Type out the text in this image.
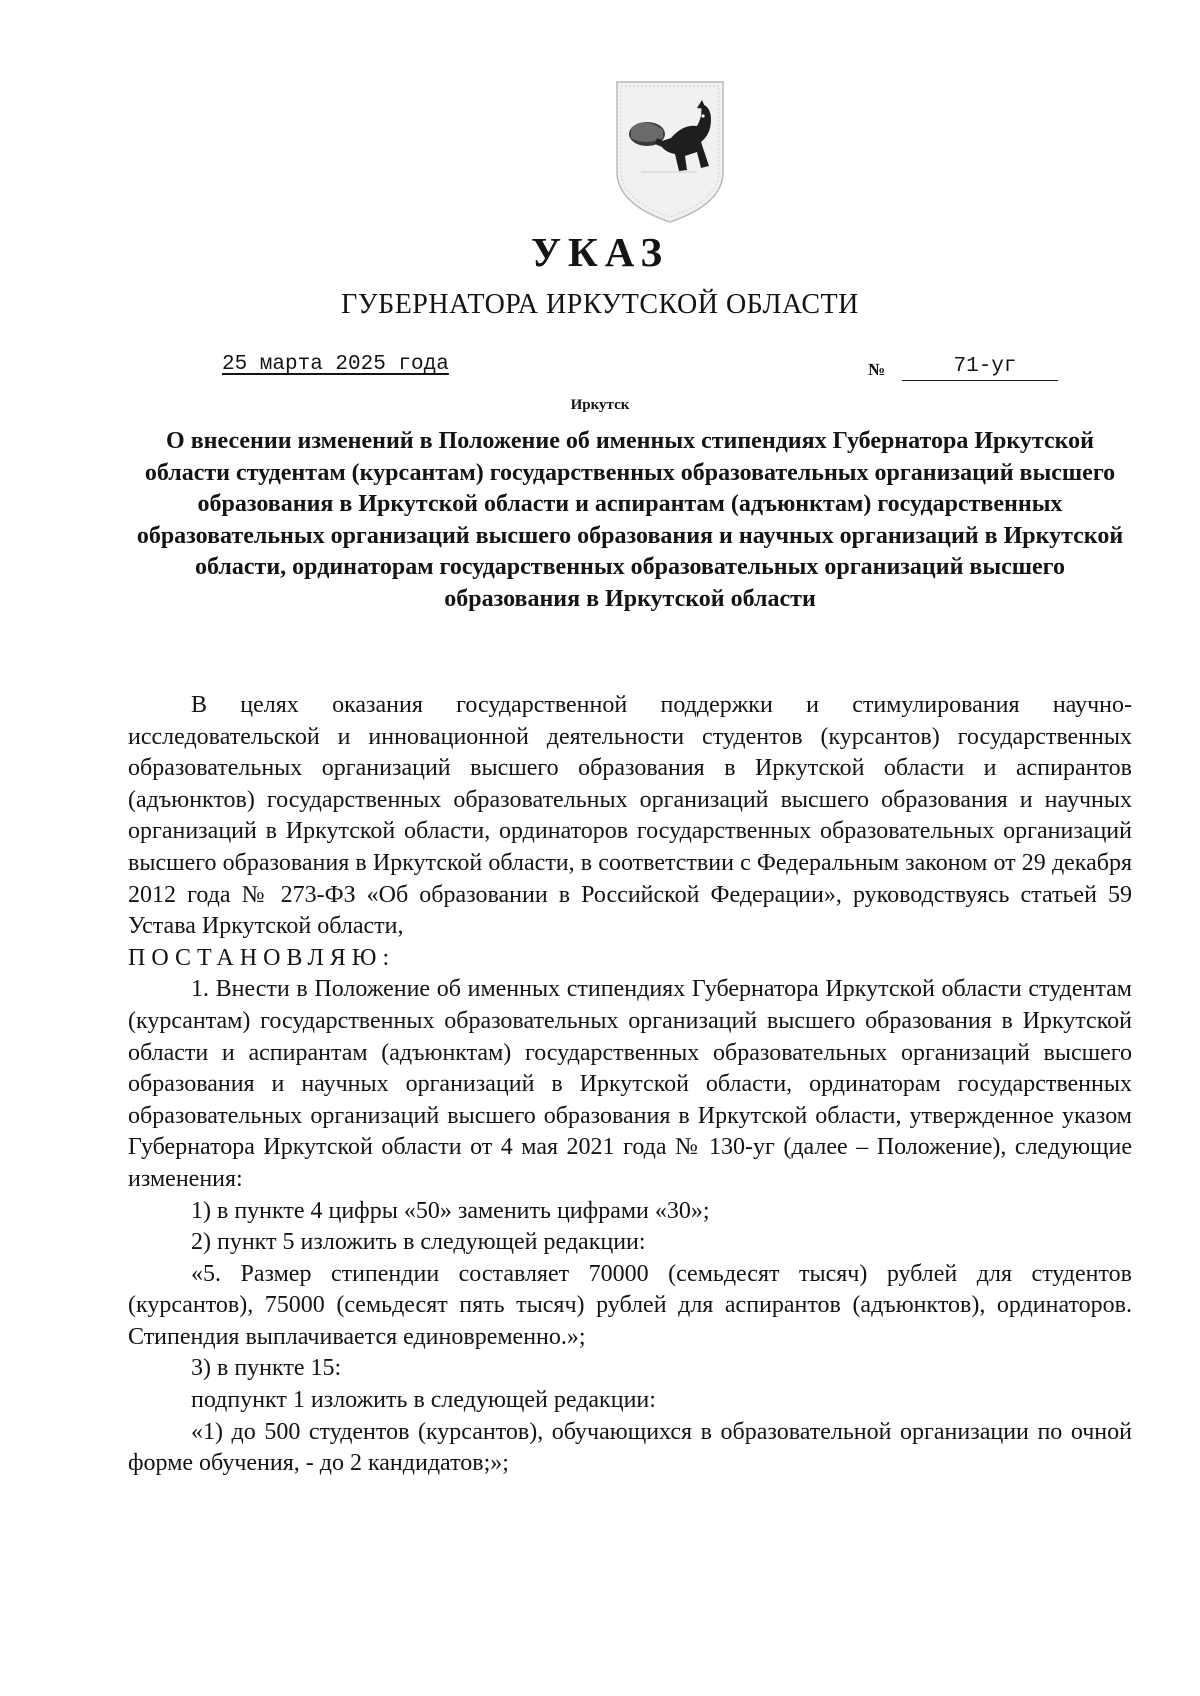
УКАЗ
ГУБЕРНАТОРА ИРКУТСКОЙ ОБЛАСТИ
25 марта 2025 года	№	71-уг
Иркутск
О внесении изменений в Положение об именных стипендиях Губернатора Иркутской области студентам (курсантам) государственных образовательных организаций высшего образования в Иркутской области и аспирантам (адъюнктам) государственных образовательных организаций высшего образования и научных организаций в Иркутской области, ординаторам государственных образовательных организаций высшего образования в Иркутской области

В целях оказания государственной поддержки и стимулирования научно-исследовательской и инновационной деятельности студентов (курсантов) государственных образовательных организаций высшего образования в Иркутской области и аспирантов (адъюнктов) государственных образовательных организаций высшего образования и научных организаций в Иркутской области, ординаторов государственных образовательных организаций высшего образования в Иркутской области, в соответствии с Федеральным законом от 29 декабря 2012 года № 273-ФЗ «Об образовании в Российской Федерации», руководствуясь статьей 59 Устава Иркутской области,

ПОСТАНОВЛЯЮ:

1. Внести в Положение об именных стипендиях Губернатора Иркутской области студентам (курсантам) государственных образовательных организаций высшего образования в Иркутской области и аспирантам (адъюнктам) государственных образовательных организаций высшего образования и научных организаций в Иркутской области, ординаторам государственных образовательных организаций высшего образования в Иркутской области, утвержденное указом Губернатора Иркутской области от 4 мая 2021 года № 130-уг (далее – Положение), следующие изменения:

1) в пункте 4 цифры «50» заменить цифрами «30»;

2) пункт 5 изложить в следующей редакции:

«5. Размер стипендии составляет 70000 (семьдесят тысяч) рублей для студентов (курсантов), 75000 (семьдесят пять тысяч) рублей для аспирантов (адъюнктов), ординаторов. Стипендия выплачивается единовременно.»;

3) в пункте 15:

подпункт 1 изложить в следующей редакции:

«1) до 500 студентов (курсантов), обучающихся в образовательной организации по очной форме обучения, - до 2 кандидатов;»;
